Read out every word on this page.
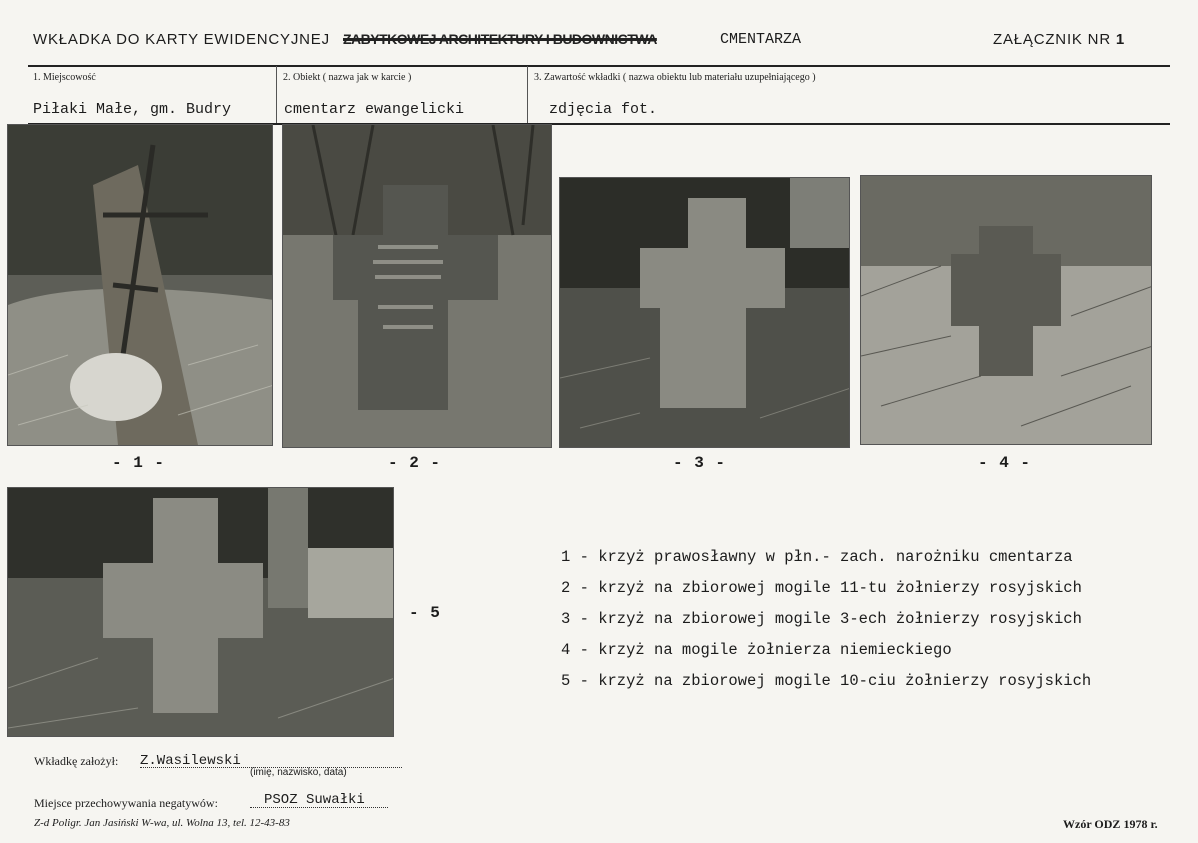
WKŁADKA DO KARTY EWIDENCYJNEJ ZABYTKOWEJ ARCHITEKTURY I BUDOWNICTWA	CMENTARZA	ZAŁĄCZNIK NR 1
1. Miejscowość	2. Obiekt ( nazwa jak w karcie )	3. Zawartość wkładki ( nazwa obiektu lub materiału uzupełniającego )
Piłaki Małe, gm. Budry	cmentarz ewangelicki	zdjęcia fot.
- 1 -	- 2 -	- 3 -	- 4 -
- 5
1 - krzyż prawosławny w płn.- zach. narożniku cmentarza
2 - krzyż na zbiorowej mogile 11-tu żołnierzy rosyjskich
3 - krzyż na zbiorowej mogile 3-ech żołnierzy rosyjskich
4 - krzyż na mogile żołnierza niemieckiego
5 - krzyż na zbiorowej mogile 10-ciu żołnierzy rosyjskich
Wkładkę założył: Z.Wasilewski
(imię, nazwisko, data)
Miejsce przechowywania negatywów:	PSOZ Suwałki
Z-d Poligr. Jan Jasiński W-wa, ul. Wolna 13, tel. 12-43-83	Wzór ODZ 1978 r.
